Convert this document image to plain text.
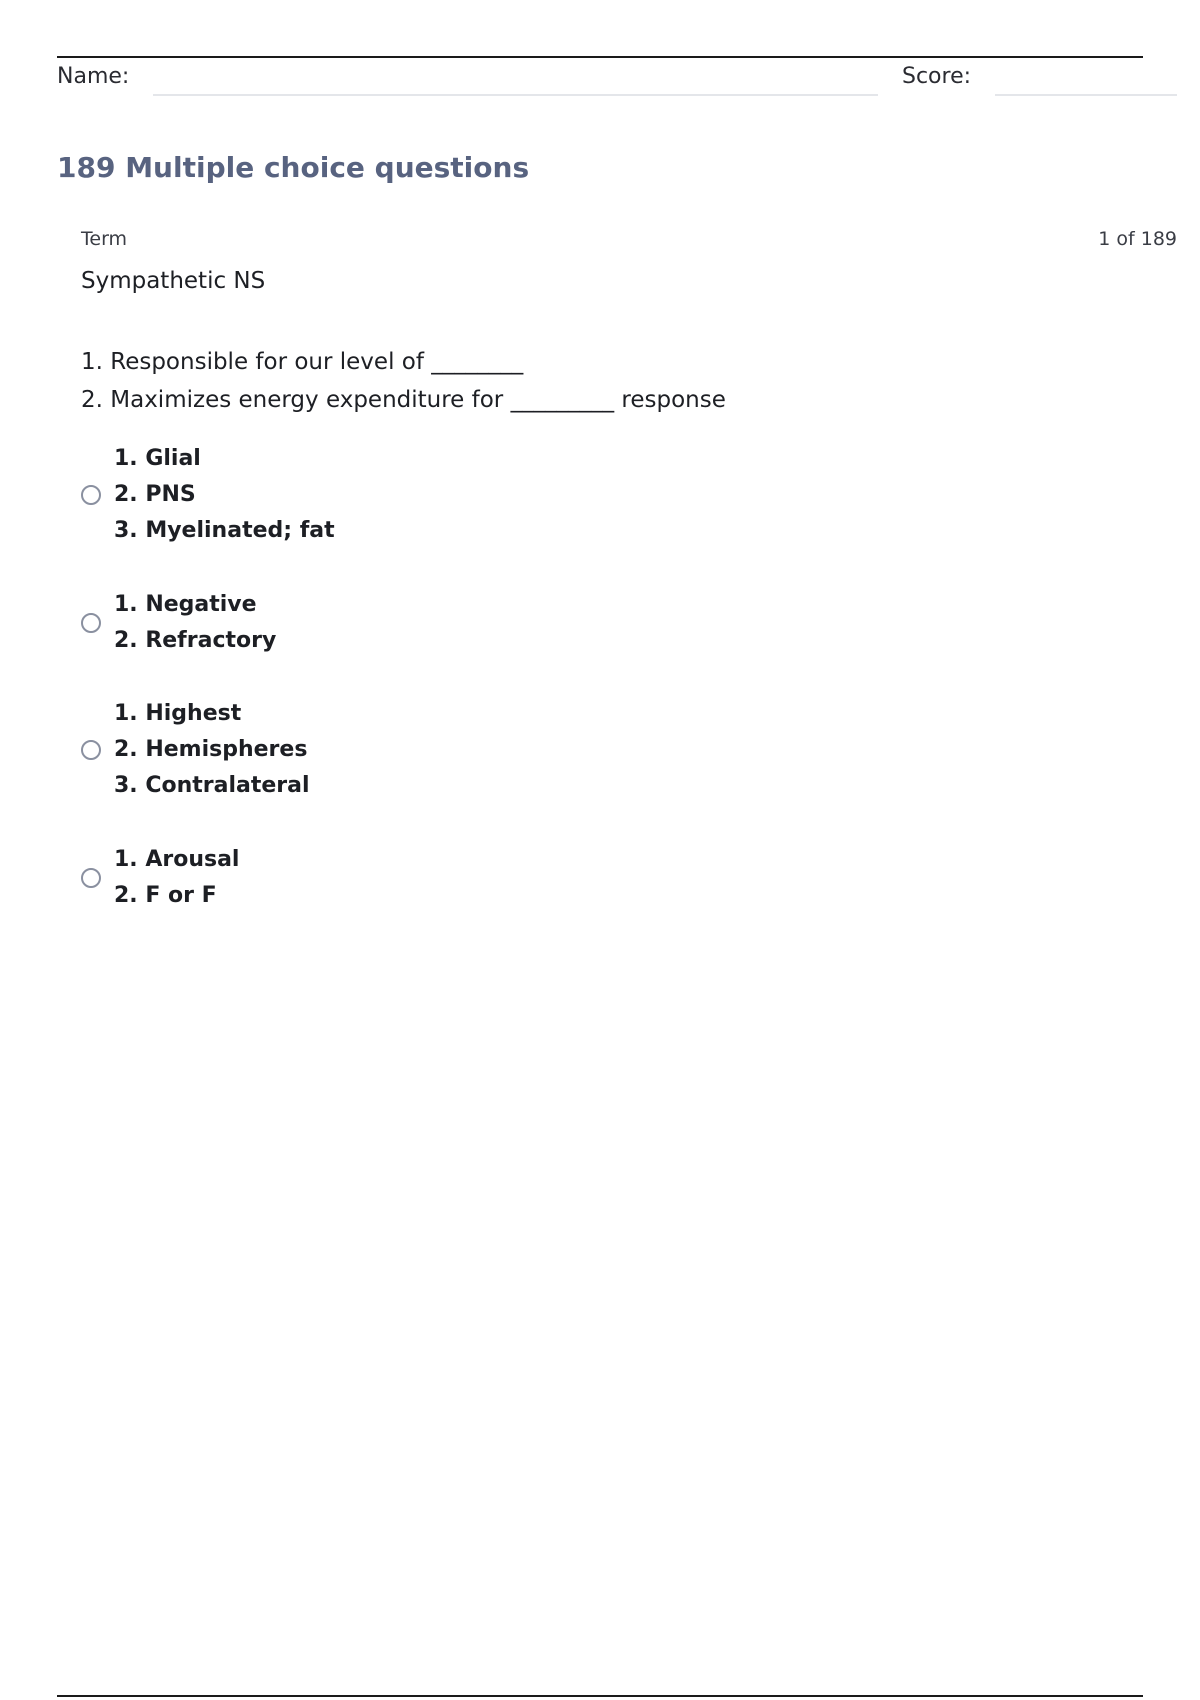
Name:	Score:
189 Multiple choice questions
Term	1 of 189
Sympathetic NS
1. Responsible for our level of ________
2. Maximizes energy expenditure for _________ response
1. Glial
2. PNS
3. Myelinated; fat
1. Negative
2. Refractory
1. Highest
2. Hemispheres
3. Contralateral
1. Arousal
2. F or F
